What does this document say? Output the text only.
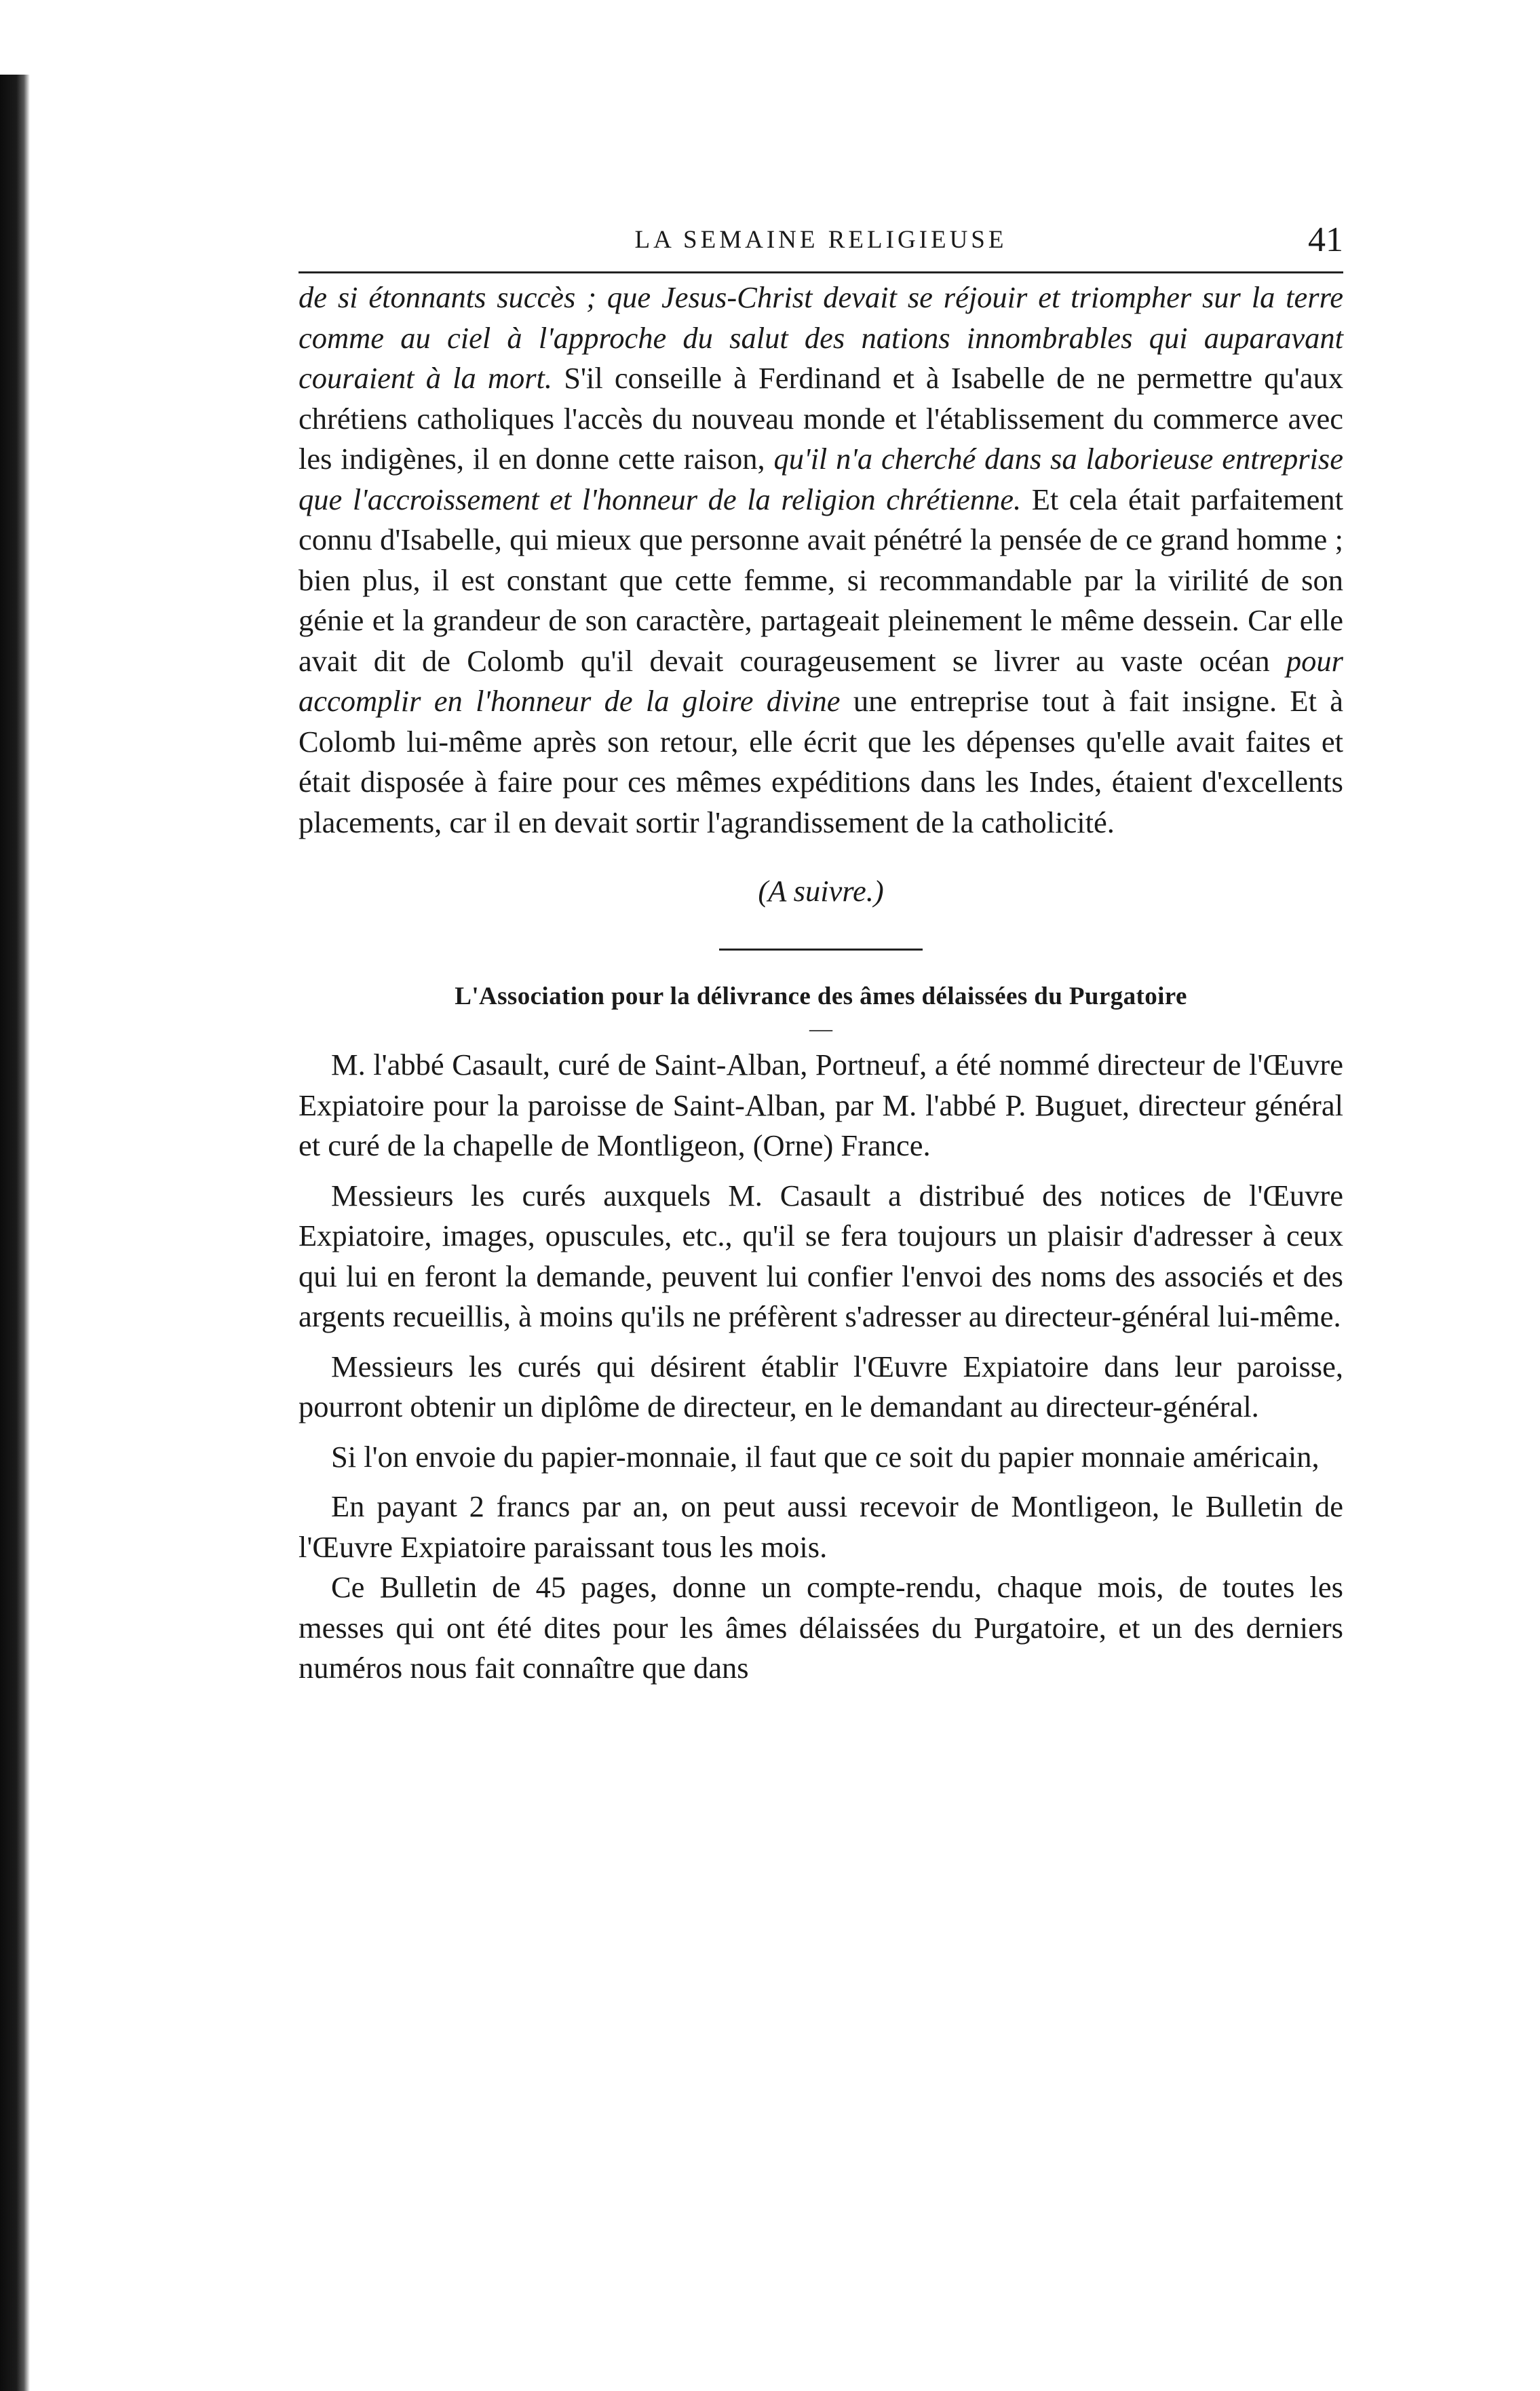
LA SEMAINE RELIGIEUSE	41

de si étonnants succès ; que Jesus-Christ devait se réjouir et triompher sur la terre comme au ciel à l'approche du salut des nations innombrables qui auparavant couraient à la mort. S'il conseille à Ferdinand et à Isabelle de ne permettre qu'aux chrétiens catholiques l'accès du nouveau monde et l'établissement du commerce avec les indigènes, il en donne cette raison, qu'il n'a cherché dans sa laborieuse entreprise que l'accroissement et l'honneur de la religion chrétienne. Et cela était parfaitement connu d'Isabelle, qui mieux que personne avait pénétré la pensée de ce grand homme ; bien plus, il est constant que cette femme, si recommandable par la virilité de son génie et la grandeur de son caractère, partageait pleinement le même dessein. Car elle avait dit de Colomb qu'il devait courageusement se livrer au vaste océan pour accomplir en l'honneur de la gloire divine une entreprise tout à fait insigne. Et à Colomb lui-même après son retour, elle écrit que les dépenses qu'elle avait faites et était disposée à faire pour ces mêmes expéditions dans les Indes, étaient d'excellents placements, car il en devait sortir l'agrandissement de la catholicité.

(A suivre.)
L'Association pour la délivrance des âmes délaissées du Purgatoire
—

M. l'abbé Casault, curé de Saint-Alban, Portneuf, a été nommé directeur de l'Œuvre Expiatoire pour la paroisse de Saint-Alban, par M. l'abbé P. Buguet, directeur général et curé de la chapelle de Montligeon, (Orne) France.

Messieurs les curés auxquels M. Casault a distribué des notices de l'Œuvre Expiatoire, images, opuscules, etc., qu'il se fera toujours un plaisir d'adresser à ceux qui lui en feront la demande, peuvent lui confier l'envoi des noms des associés et des argents recueillis, à moins qu'ils ne préfèrent s'adresser au directeur-général lui-même.

Messieurs les curés qui désirent établir l'Œuvre Expiatoire dans leur paroisse, pourront obtenir un diplôme de directeur, en le demandant au directeur-général.

Si l'on envoie du papier-monnaie, il faut que ce soit du papier monnaie américain,

En payant 2 francs par an, on peut aussi recevoir de Montligeon, le Bulletin de l'Œuvre Expiatoire paraissant tous les mois.

Ce Bulletin de 45 pages, donne un compte-rendu, chaque mois, de toutes les messes qui ont été dites pour les âmes délaissées du Purgatoire, et un des derniers numéros nous fait connaître que dans
